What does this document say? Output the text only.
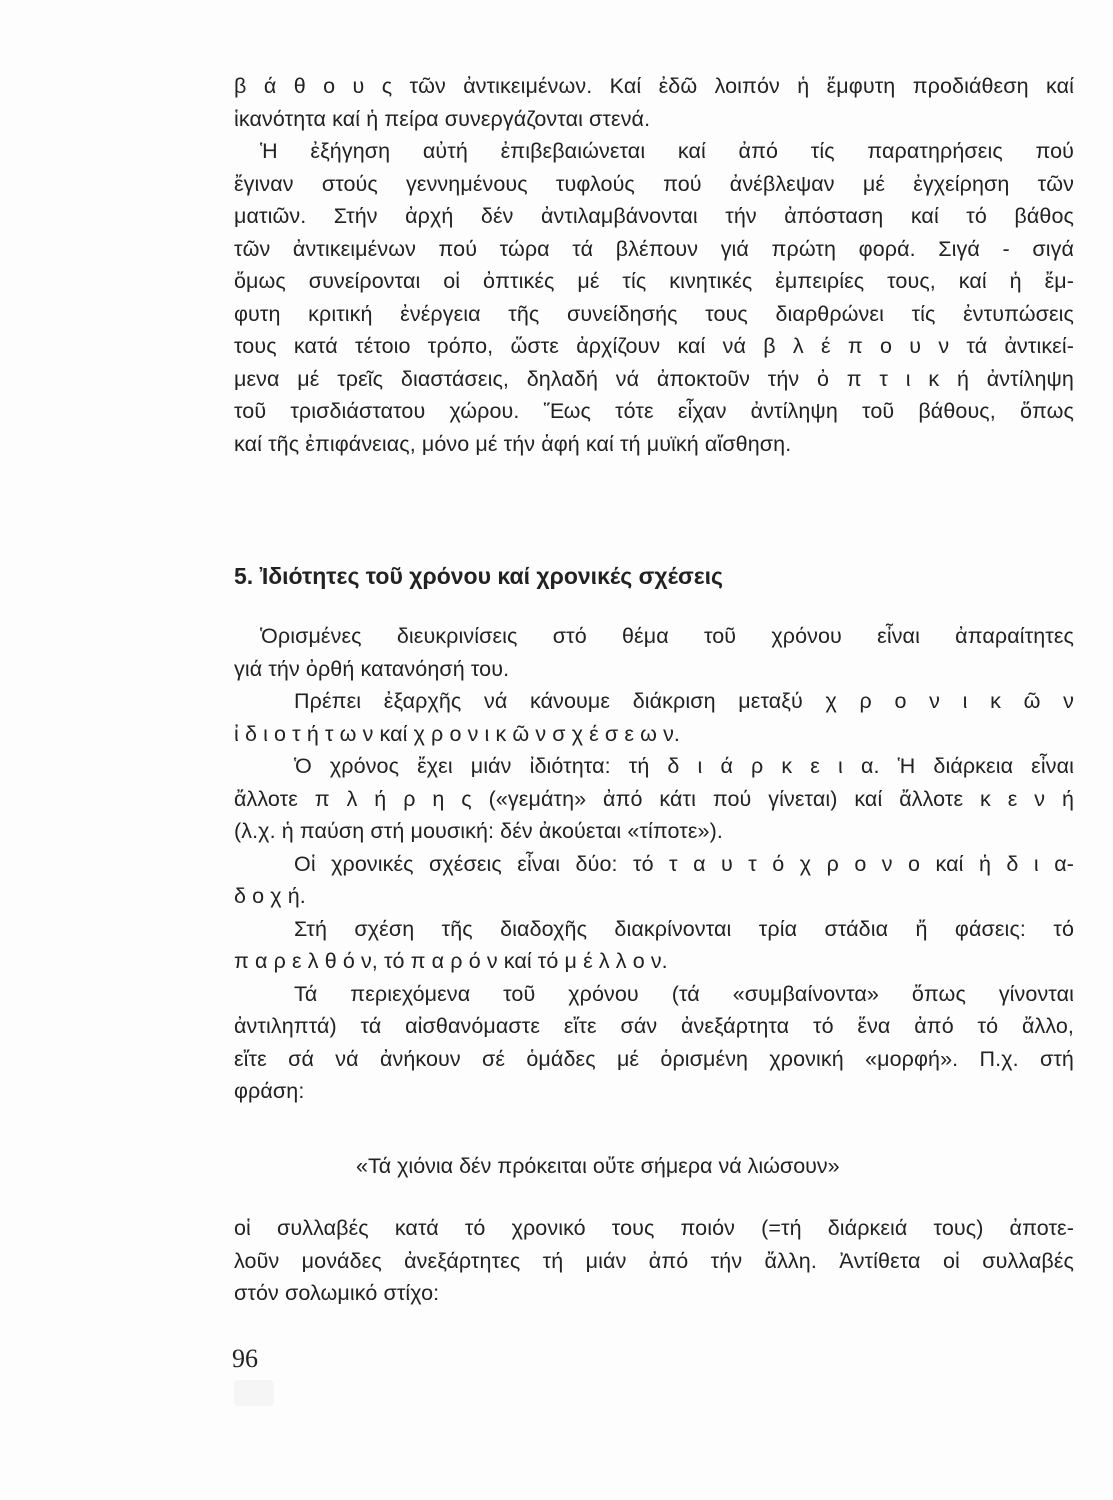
β ά θ ο υ ς τῶν ἀντικειμένων. Καί ἐδῶ λοιπόν ἡ ἔμφυτη προδιάθεση καί
ἱκανότητα καί ἡ πείρα συνεργάζονται στενά.
Ἡ ἐξήγηση αὐτή ἐπιβεβαιώνεται καί ἀπό τίς παρατηρήσεις πού
ἔγιναν στούς γεννημένους τυφλούς πού ἀνέβλεψαν μέ ἐγχείρηση τῶν
ματιῶν. Στήν ἀρχή δέν ἀντιλαμβάνονται τήν ἀπόσταση καί τό βάθος
τῶν ἀντικειμένων πού τώρα τά βλέπουν γιά πρώτη φορά. Σιγά - σιγά
ὅμως συνείρονται οἱ ὀπτικές μέ τίς κινητικές ἐμπειρίες τους, καί ἡ ἔμ-
φυτη κριτική ἐνέργεια τῆς συνείδησής τους διαρθρώνει τίς ἐντυπώσεις
τους κατά τέτοιο τρόπο, ὥστε ἀρχίζουν καί νά β λ έ π ο υ ν τά ἀντικεί-
μενα μέ τρεῖς διαστάσεις, δηλαδή νά ἀποκτοῦν τήν ὀ π τ ι κ ή ἀντίληψη
τοῦ τρισδιάστατου χώρου. Ἕως τότε εἶχαν ἀντίληψη τοῦ βάθους, ὅπως
καί τῆς ἐπιφάνειας, μόνο μέ τήν ἁφή καί τή μυϊκή αἴσθηση.
5. Ἰδιότητες τοῦ χρόνου καί χρονικές σχέσεις
Ὁρισμένες διευκρινίσεις στό θέμα τοῦ χρόνου εἶναι ἀπαραίτητες
γιά τήν ὀρθή κατανόησή του.
Πρέπει ἐξαρχῆς νά κάνουμε διάκριση μεταξύ χ ρ ο ν ι κ ῶ ν
ἰ δ ι ο τ ή τ ω ν καί χ ρ ο ν ι κ ῶ ν σ χ έ σ ε ω ν.
Ὁ χρόνος ἔχει μιάν ἰδιότητα: τή δ ι ά ρ κ ε ι α. Ἡ διάρκεια εἶναι
ἄλλοτε π λ ή ρ η ς («γεμάτη» ἀπό κάτι πού γίνεται) καί ἄλλοτε κ ε ν ή
(λ.χ. ἡ παύση στή μουσική: δέν ἀκούεται «τίποτε»).
Οἱ χρονικές σχέσεις εἶναι δύο: τό τ α υ τ ό χ ρ ο ν ο καί ἡ δ ι α-
δ ο χ ή.
Στή σχέση τῆς διαδοχῆς διακρίνονται τρία στάδια ἤ φάσεις: τό
π α ρ ε λ θ ό ν, τό π α ρ ό ν καί τό μ έ λ λ ο ν.
Τά περιεχόμενα τοῦ χρόνου (τά «συμβαίνοντα» ὅπως γίνονται
ἀντιληπτά) τά αἰσθανόμαστε εἴτε σάν ἀνεξάρτητα τό ἕνα ἀπό τό ἄλλο,
εἴτε σά νά ἀνήκουν σέ ὁμάδες μέ ὁρισμένη χρονική «μορφή». Π.χ. στή
φράση:
«Τά χιόνια δέν πρόκειται οὔτε σήμερα νά λιώσουν»
οἱ συλλαβές κατά τό χρονικό τους ποιόν (=τή διάρκειά τους) ἀποτε-
λοῦν μονάδες ἀνεξάρτητες τή μιάν ἀπό τήν ἄλλη. Ἀντίθετα οἱ συλλαβές
στόν σολωμικό στίχο:
96
